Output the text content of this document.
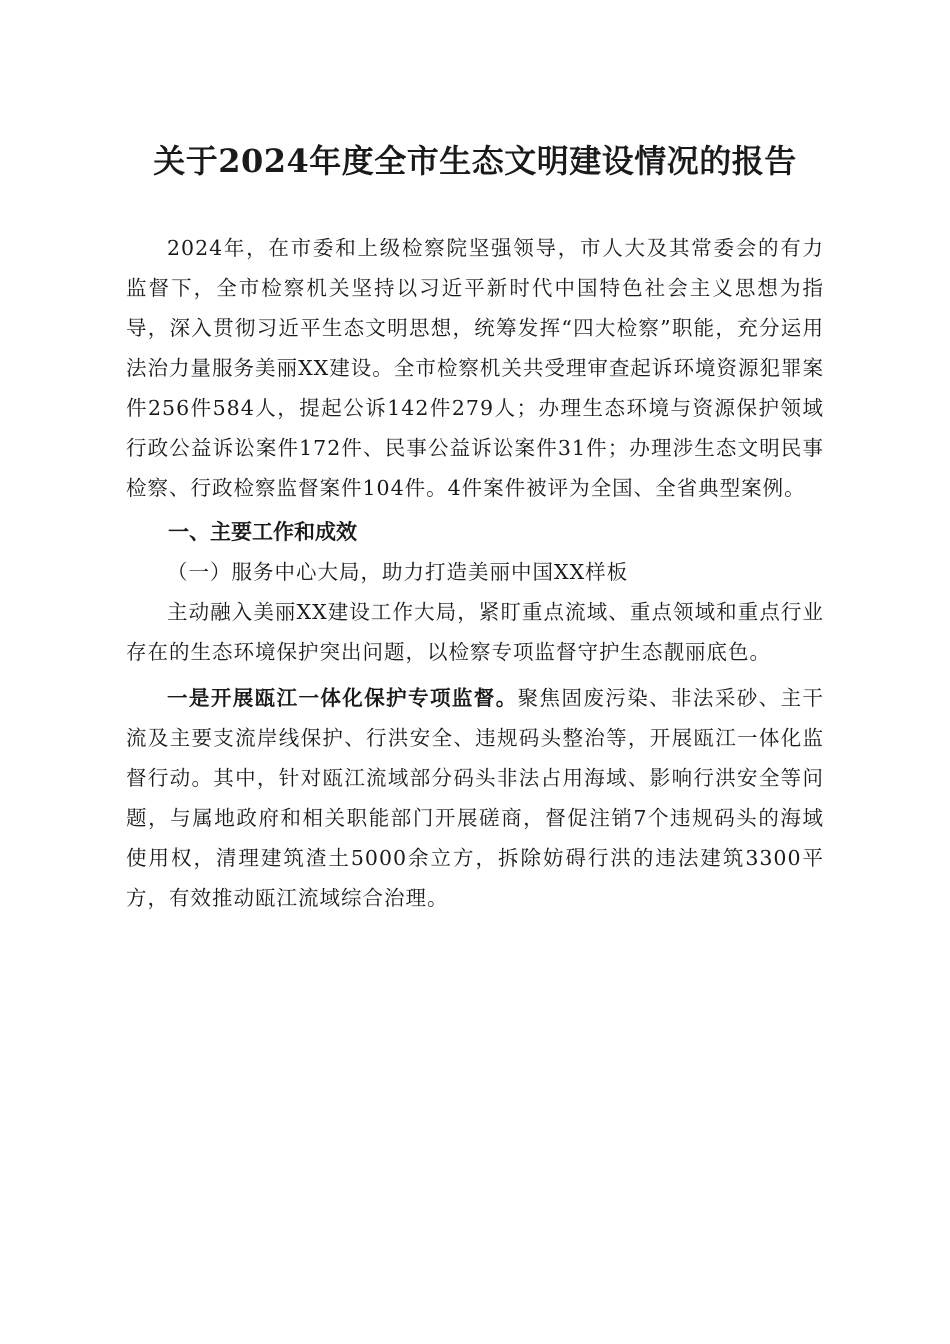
关于2024年度全市生态文明建设情况的报告

2024年，在市委和上级检察院坚强领导，市人大及其常委会的有力监督下，全市检察机关坚持以习近平新时代中国特色社会主义思想为指导，深入贯彻习近平生态文明思想，统筹发挥“四大检察”职能，充分运用法治力量服务美丽XX建设。全市检察机关共受理审查起诉环境资源犯罪案件256件584人，提起公诉142件279人；办理生态环境与资源保护领域行政公益诉讼案件172件、民事公益诉讼案件31件；办理涉生态文明民事检察、行政检察监督案件104件。4件案件被评为全国、全省典型案例。

一、主要工作和成效

（一）服务中心大局，助力打造美丽中国XX样板

主动融入美丽XX建设工作大局，紧盯重点流域、重点领域和重点行业存在的生态环境保护突出问题，以检察专项监督守护生态靓丽底色。

一是开展瓯江一体化保护专项监督。聚焦固废污染、非法采砂、主干流及主要支流岸线保护、行洪安全、违规码头整治等，开展瓯江一体化监督行动。其中，针对瓯江流域部分码头非法占用海域、影响行洪安全等问题，与属地政府和相关职能部门开展磋商，督促注销7个违规码头的海域使用权，清理建筑渣土5000余立方，拆除妨碍行洪的违法建筑3300平方，有效推动瓯江流域综合治理。
